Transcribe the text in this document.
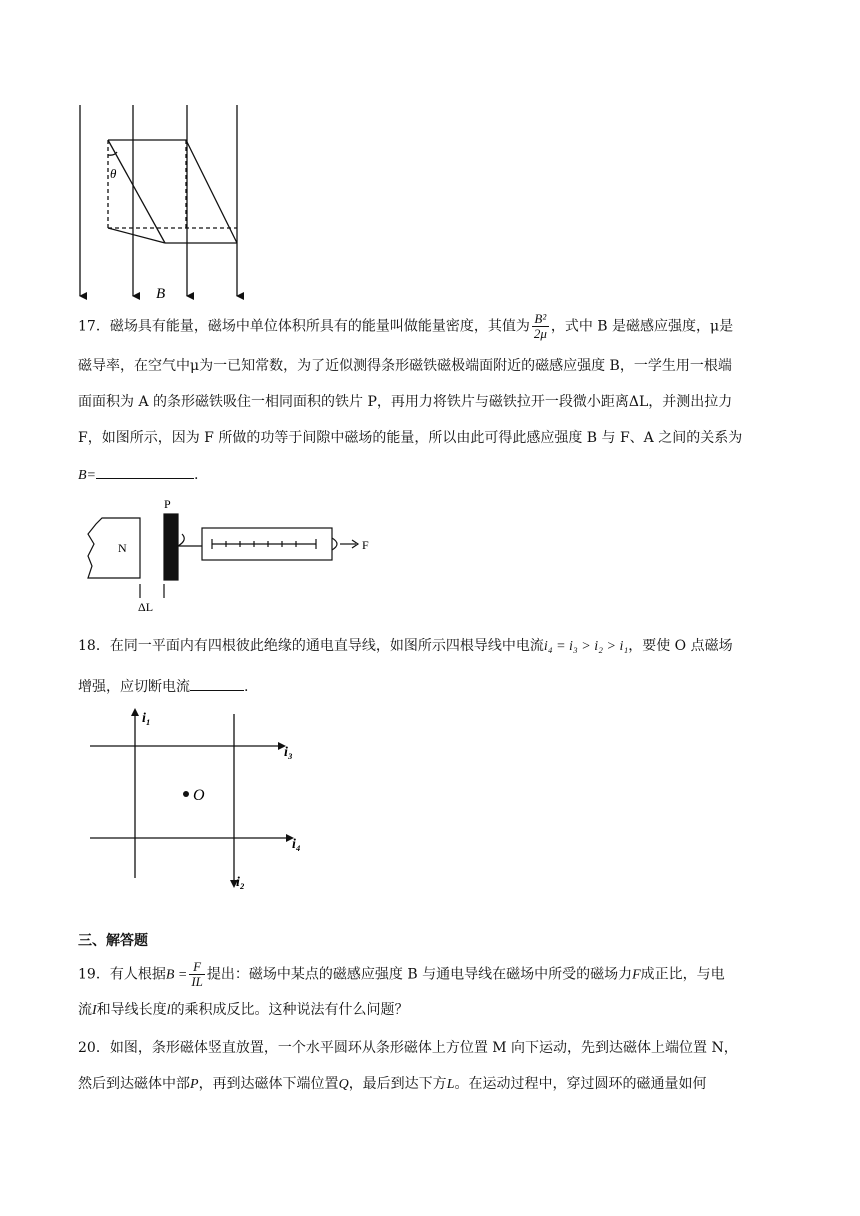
θ
B
17．磁场具有能量，磁场中单位体积所具有的能量叫做能量密度，其值为 $\frac{\text{B²}}{2\mu}$ ，式中 B 是磁感应强度，μ是
磁导率，在空气中μ为一已知常数，为了近似测得条形磁铁磁极端面附近的磁感应强度 B，一学生用一根端
面面积为 A 的条形磁铁吸住一相同面积的铁片 P，再用力将铁片与磁铁拉开一段微小距离ΔL，并测出拉力
F，如图所示，因为 F 所做的功等于间隙中磁场的能量，所以由此可得此感应强度 B 与 F、A 之间的关系为
B=	.
N
P
F
ΔL
18．在同一平面内有四根彼此绝缘的通电直导线，如图所示四根导线中电流i₄ = i₃ > i₂ > i₁，要使 O 点磁场
增强，应切断电流	.
O
i₁
i₂
i₃
i₄
三、解答题
19．有人根据$B = \frac{F}{IL}$ 提出：磁场中某点的磁感应强度 B 与通电导线在磁场中所受的磁场力F成正比，与电
流I和导线长度l的乘积成反比。这种说法有什么问题？
20．如图，条形磁体竖直放置，一个水平圆环从条形磁体上方位置 M 向下运动，先到达磁体上端位置 N，
然后到达磁体中部P，再到达磁体下端位置Q，最后到达下方L。在运动过程中，穿过圆环的磁通量如何
